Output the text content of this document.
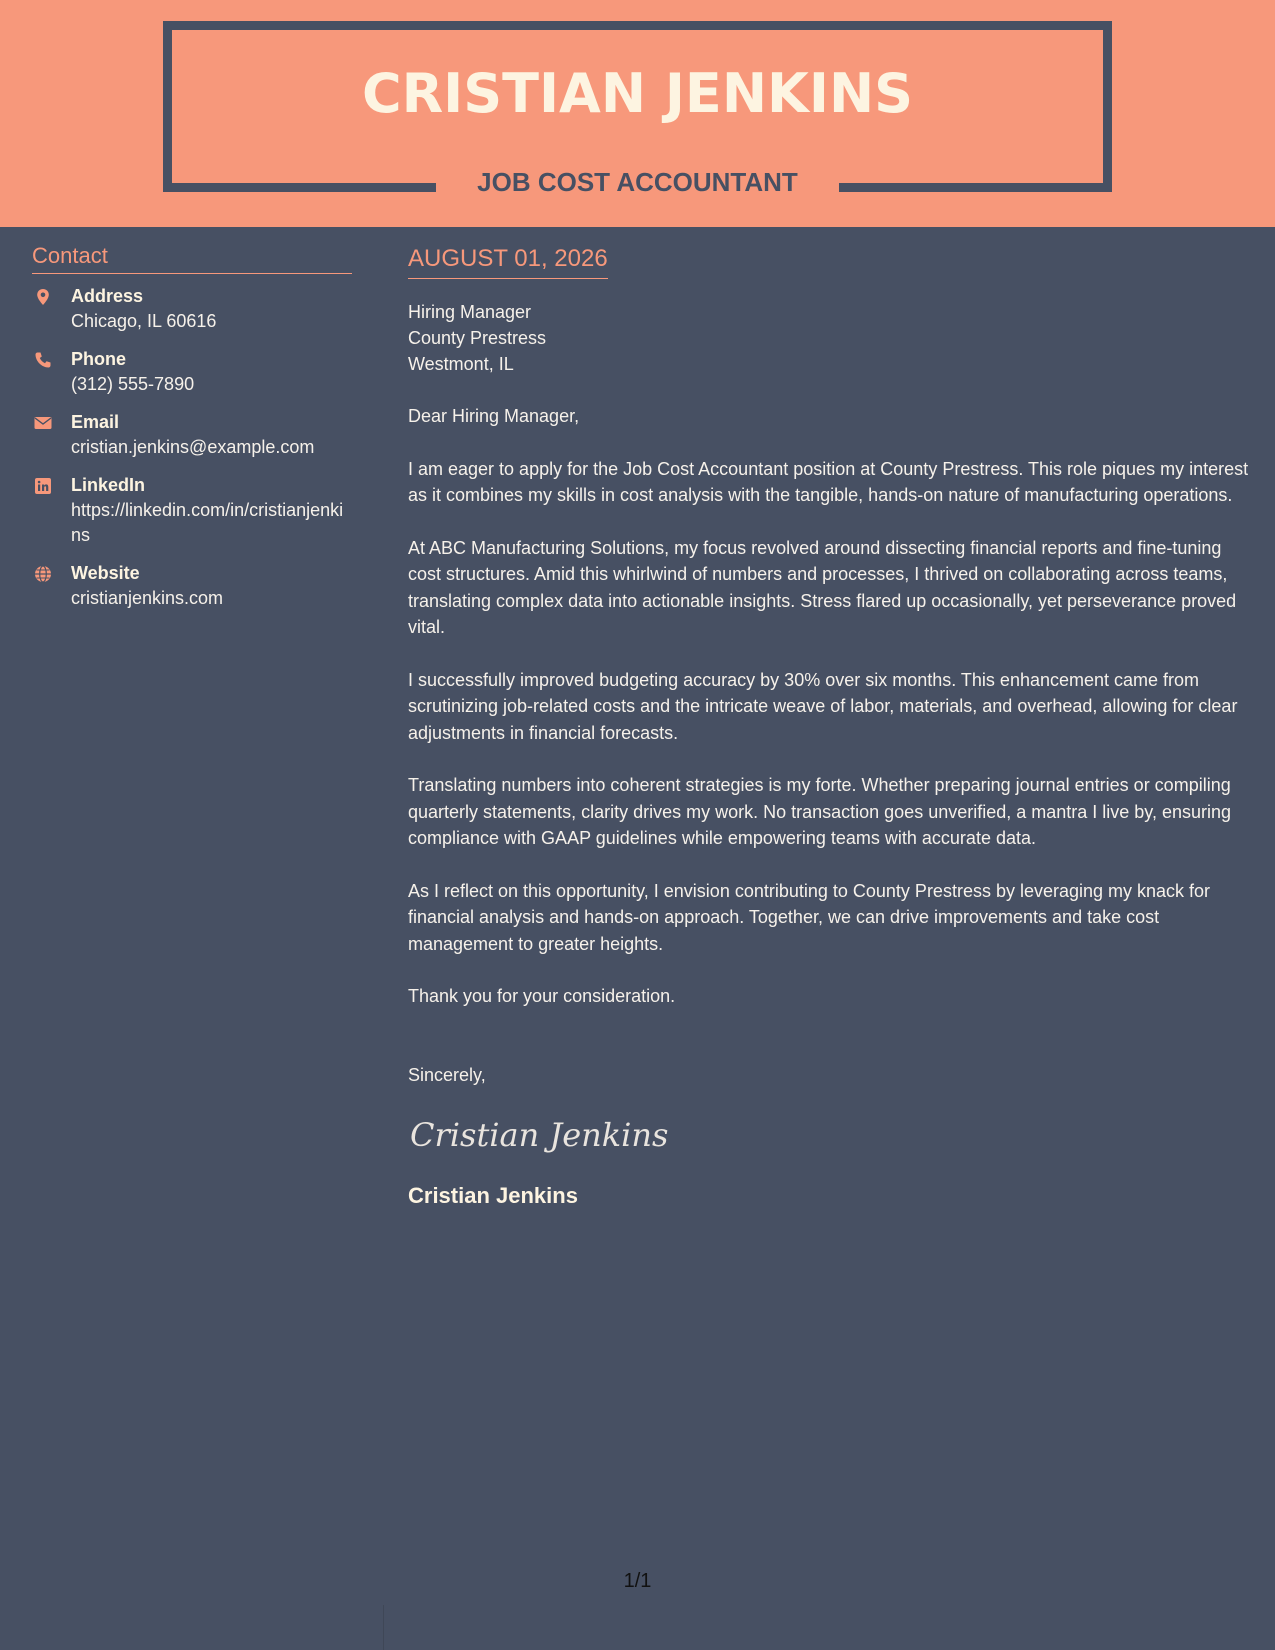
CRISTIAN JENKINS
JOB COST ACCOUNTANT
Contact
Address
Chicago, IL 60616
Phone
(312) 555-7890
Email
cristian.jenkins@example.com
LinkedIn
https://linkedin.com/in/cristianjenkins
Website
cristianjenkins.com
AUGUST 01, 2026
Hiring Manager
County Prestress
Westmont, IL
Dear Hiring Manager,
I am eager to apply for the Job Cost Accountant position at County Prestress. This role piques my interest as it combines my skills in cost analysis with the tangible, hands-on nature of manufacturing operations.
At ABC Manufacturing Solutions, my focus revolved around dissecting financial reports and fine-tuning cost structures. Amid this whirlwind of numbers and processes, I thrived on collaborating across teams, translating complex data into actionable insights. Stress flared up occasionally, yet perseverance proved vital.
I successfully improved budgeting accuracy by 30% over six months. This enhancement came from scrutinizing job-related costs and the intricate weave of labor, materials, and overhead, allowing for clear adjustments in financial forecasts.
Translating numbers into coherent strategies is my forte. Whether preparing journal entries or compiling quarterly statements, clarity drives my work. No transaction goes unverified, a mantra I live by, ensuring compliance with GAAP guidelines while empowering teams with accurate data.
As I reflect on this opportunity, I envision contributing to County Prestress by leveraging my knack for financial analysis and hands-on approach. Together, we can drive improvements and take cost management to greater heights.
Thank you for your consideration.
Sincerely,
Cristian Jenkins
Cristian Jenkins
1/1
